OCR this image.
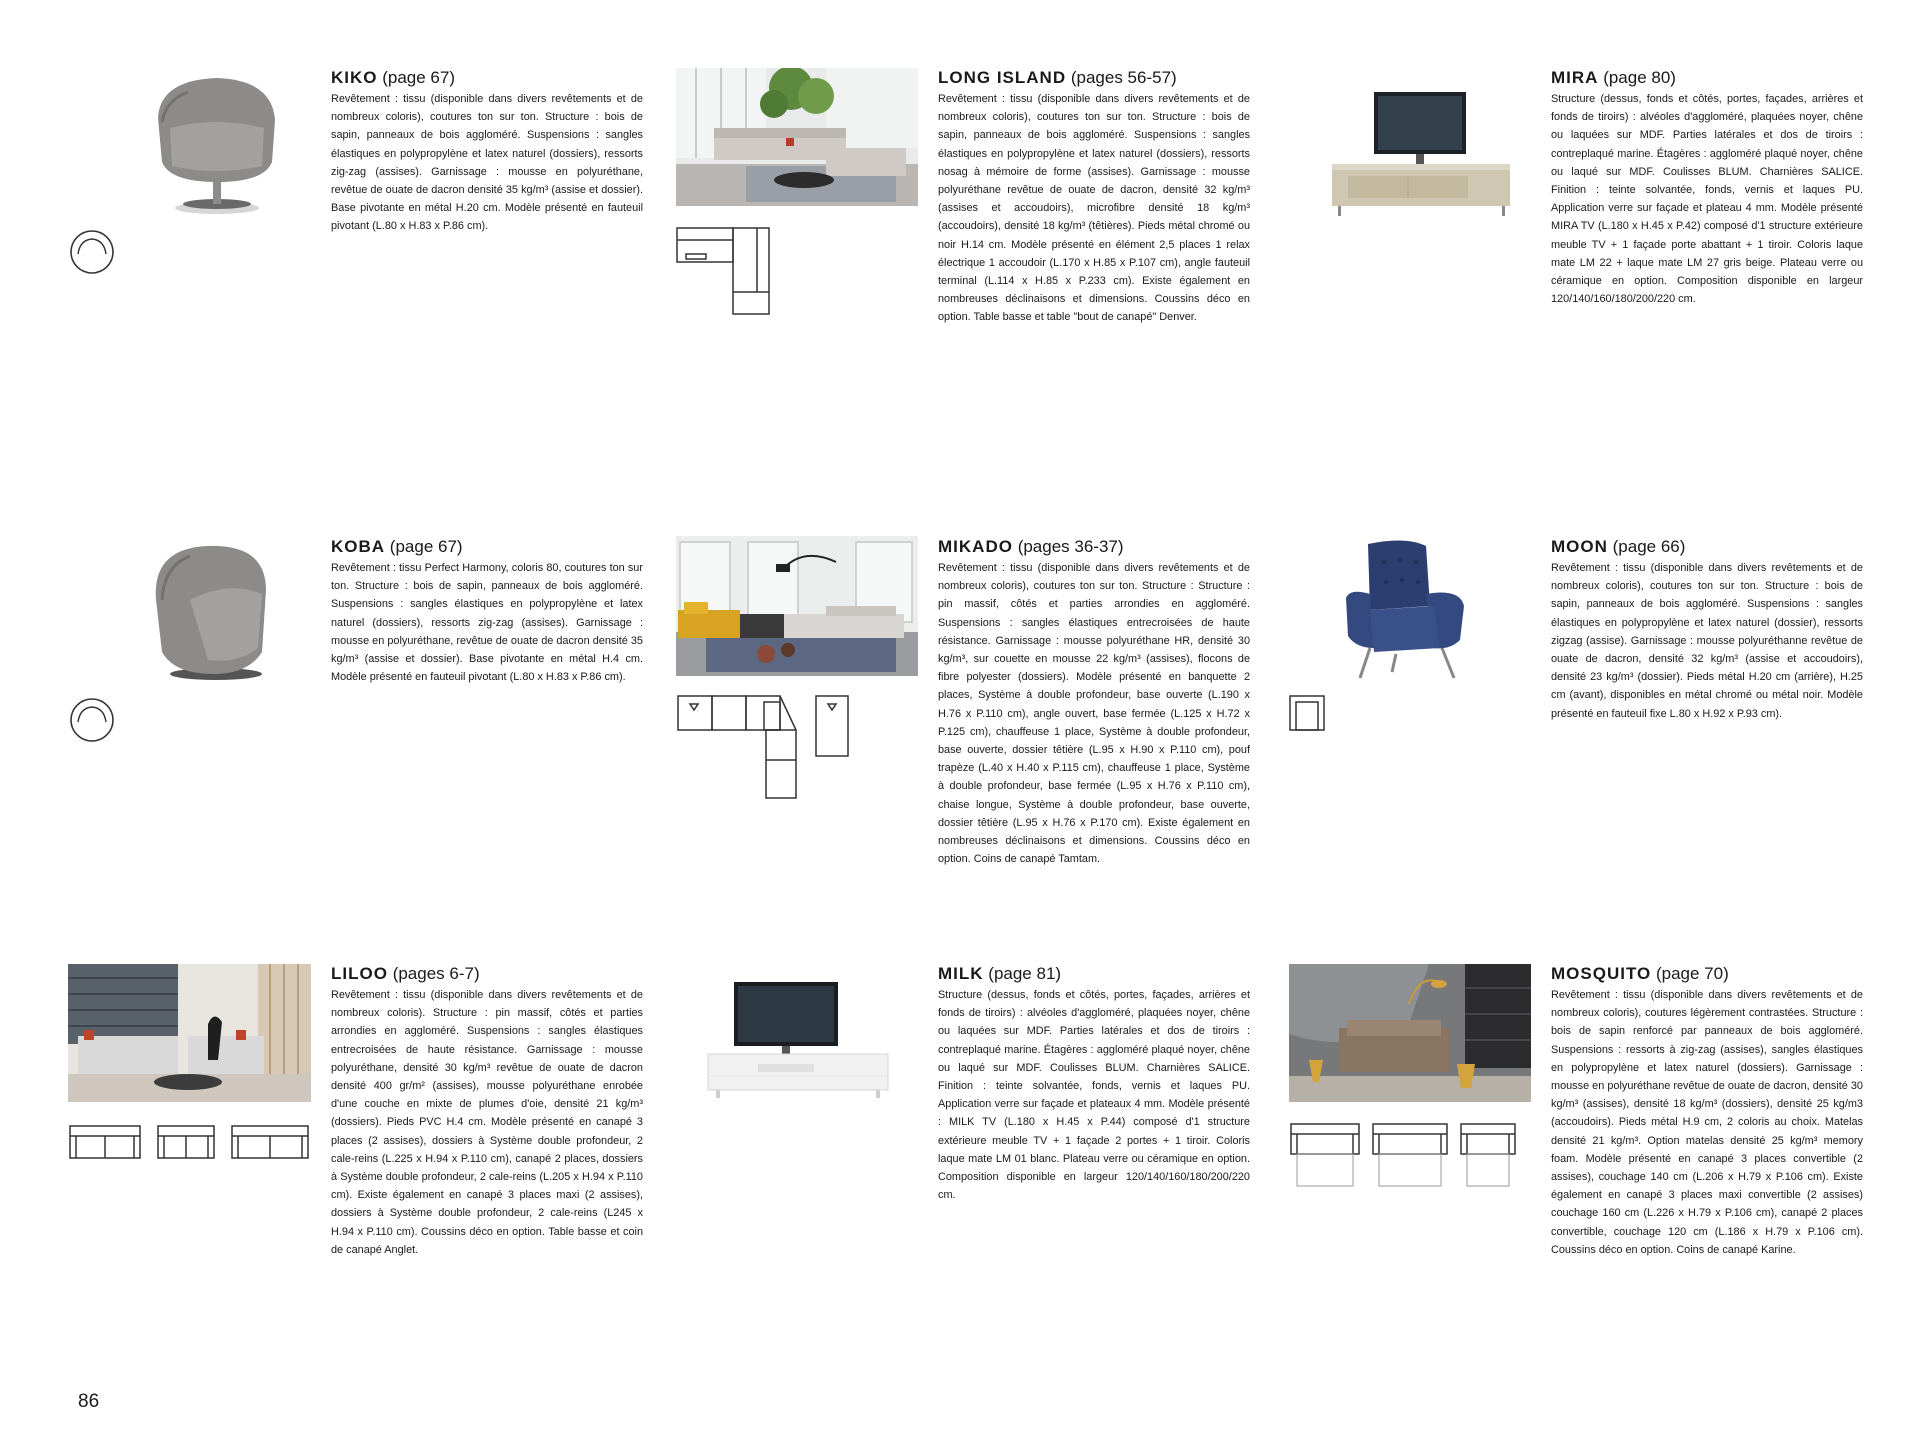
KIKO (page 67)

Revêtement : tissu (disponible dans divers revêtements et de nombreux coloris), coutures ton sur ton. Structure : bois de sapin, panneaux de bois aggloméré. Suspensions : sangles élastiques en polypropylène et latex naturel (dossiers), ressorts zig-zag (assises). Garnissage : mousse en polyuréthane, revêtue de ouate de dacron densité 35 kg/m³ (assise et dossier). Base pivotante en métal H.20 cm. Modèle présenté en fauteuil pivotant (L.80 x H.83 x P.86 cm).

LONG ISLAND (pages 56-57)

Revêtement : tissu (disponible dans divers revêtements et de nombreux coloris), coutures ton sur ton. Structure : bois de sapin, panneaux de bois aggloméré. Suspensions : sangles élastiques en polypropylène et latex naturel (dossiers), ressorts nosag à mémoire de forme (assises). Garnissage : mousse polyuréthane revêtue de ouate de dacron, densité 32 kg/m³ (assises et accoudoirs), microfibre densité 18 kg/m³ (accoudoirs), densité 18 kg/m³ (têtières). Pieds métal chromé ou noir H.14 cm. Modèle présenté en élément 2,5 places 1 relax électrique 1 accoudoir (L.170 x H.85 x P.107 cm), angle fauteuil terminal (L.114 x H.85 x P.233 cm). Existe également en nombreuses déclinaisons et dimensions. Coussins déco en option. Table basse et table "bout de canapé" Denver.

MIRA (page 80)

Structure (dessus, fonds et côtés, portes, façades, arrières et fonds de tiroirs) : alvéoles d'aggloméré, plaquées noyer, chêne ou laquées sur MDF. Parties latérales et dos de tiroirs : contreplaqué marine. Étagères : aggloméré plaqué noyer, chêne ou laqué sur MDF. Coulisses BLUM. Charnières SALICE. Finition : teinte solvantée, fonds, vernis et laques PU. Application verre sur façade et plateau 4 mm. Modèle présenté MIRA TV (L.180 x H.45 x P.42) composé d'1 structure extérieure meuble TV + 1 façade porte abattant + 1 tiroir. Coloris laque mate LM 22 + laque mate LM 27 gris beige. Plateau verre ou céramique en option. Composition disponible en largeur 120/140/160/180/200/220 cm.

KOBA (page 67)

Revêtement : tissu Perfect Harmony, coloris 80, coutures ton sur ton. Structure : bois de sapin, panneaux de bois aggloméré. Suspensions : sangles élastiques en polypropylène et latex naturel (dossiers), ressorts zig-zag (assises). Garnissage : mousse en polyuréthane, revêtue de ouate de dacron densité 35 kg/m³ (assise et dossier). Base pivotante en métal H.4 cm. Modèle présenté en fauteuil pivotant (L.80 x H.83 x P.86 cm).

MIKADO (pages 36-37)

Revêtement : tissu (disponible dans divers revêtements et de nombreux coloris), coutures ton sur ton. Structure : Structure : pin massif, côtés et parties arrondies en aggloméré. Suspensions : sangles élastiques entrecroisées de haute résistance. Garnissage : mousse polyuréthane HR, densité 30 kg/m³, sur couette en mousse 22 kg/m³ (assises), flocons de fibre polyester (dossiers). Modèle présenté en banquette 2 places, Système à double profondeur, base ouverte (L.190 x H.76 x P.110 cm), angle ouvert, base fermée (L.125 x H.72 x P.125 cm), chauffeuse 1 place, Système à double profondeur, base ouverte, dossier têtière (L.95 x H.90 x P.110 cm), pouf trapèze (L.40 x H.40 x P.115 cm), chauffeuse 1 place, Système à double profondeur, base fermée (L.95 x H.76 x P.110 cm), chaise longue, Système à double profondeur, base ouverte, dossier têtière (L.95 x H.76 x P.170 cm). Existe également en nombreuses déclinaisons et dimensions. Coussins déco en option. Coins de canapé Tamtam.

MOON (page 66)

Revêtement : tissu (disponible dans divers revêtements et de nombreux coloris), coutures ton sur ton. Structure : bois de sapin, panneaux de bois aggloméré. Suspensions : sangles élastiques en polypropylène et latex naturel (dossier), ressorts zigzag (assise). Garnissage : mousse polyuréthanne revêtue de ouate de dacron, densité 32 kg/m³ (assise et accoudoirs), densité 23 kg/m³ (dossier). Pieds métal H.20 cm (arrière), H.25 cm (avant), disponibles en métal chromé ou métal noir. Modèle présenté en fauteuil fixe L.80 x H.92 x P.93 cm).

LILOO (pages 6-7)

Revêtement : tissu (disponible dans divers revêtements et de nombreux coloris). Structure : pin massif, côtés et parties arrondies en aggloméré. Suspensions : sangles élastiques entrecroisées de haute résistance. Garnissage : mousse polyuréthane, densité 30 kg/m³ revêtue de ouate de dacron densité 400 gr/m² (assises), mousse polyuréthane enrobée d'une couche en mixte de plumes d'oie, densité 21 kg/m³ (dossiers). Pieds PVC H.4 cm. Modèle présenté en canapé 3 places (2 assises), dossiers à Système double profondeur, 2 cale-reins (L.225 x H.94 x P.110 cm), canapé 2 places, dossiers à Système double profondeur, 2 cale-reins (L.205 x H.94 x P.110 cm). Existe également en canapé 3 places maxi (2 assises), dossiers à Système double profondeur, 2 cale-reins (L245 x H.94 x P.110 cm). Coussins déco en option. Table basse et coin de canapé Anglet.

MILK (page 81)

Structure (dessus, fonds et côtés, portes, façades, arrières et fonds de tiroirs) : alvéoles d'aggloméré, plaquées noyer, chêne ou laquées sur MDF. Parties latérales et dos de tiroirs : contreplaqué marine. Étagères : aggloméré plaqué noyer, chêne ou laqué sur MDF. Coulisses BLUM. Charnières SALICE. Finition : teinte solvantée, fonds, vernis et laques PU. Application verre sur façade et plateaux 4 mm. Modèle présenté : MILK TV (L.180 x H.45 x P.44) composé d'1 structure extérieure meuble TV + 1 façade 2 portes + 1 tiroir. Coloris laque mate LM 01 blanc. Plateau verre ou céramique en option. Composition disponible en largeur 120/140/160/180/200/220 cm.

MOSQUITO (page 70)

Revêtement : tissu (disponible dans divers revêtements et de nombreux coloris), coutures légèrement contrastées. Structure : bois de sapin renforcé par panneaux de bois aggloméré. Suspensions : ressorts à zig-zag (assises), sangles élastiques en polypropylène et latex naturel (dossiers). Garnissage : mousse en polyuréthane revêtue de ouate de dacron, densité 30 kg/m³ (assises), densité 18 kg/m³ (dossiers), densité 25 kg/m3 (accoudoirs). Pieds métal H.9 cm, 2 coloris au choix. Matelas densité 21 kg/m³. Option matelas densité 25 kg/m³ memory foam. Modèle présenté en canapé 3 places convertible (2 assises), couchage 140 cm (L.206 x H.79 x P.106 cm). Existe également en canapé 3 places maxi convertible (2 assises) couchage 160 cm (L.226 x H.79 x P.106 cm), canapé 2 places convertible, couchage 120 cm (L.186 x H.79 x P.106 cm). Coussins déco en option. Coins de canapé Karine.

86
